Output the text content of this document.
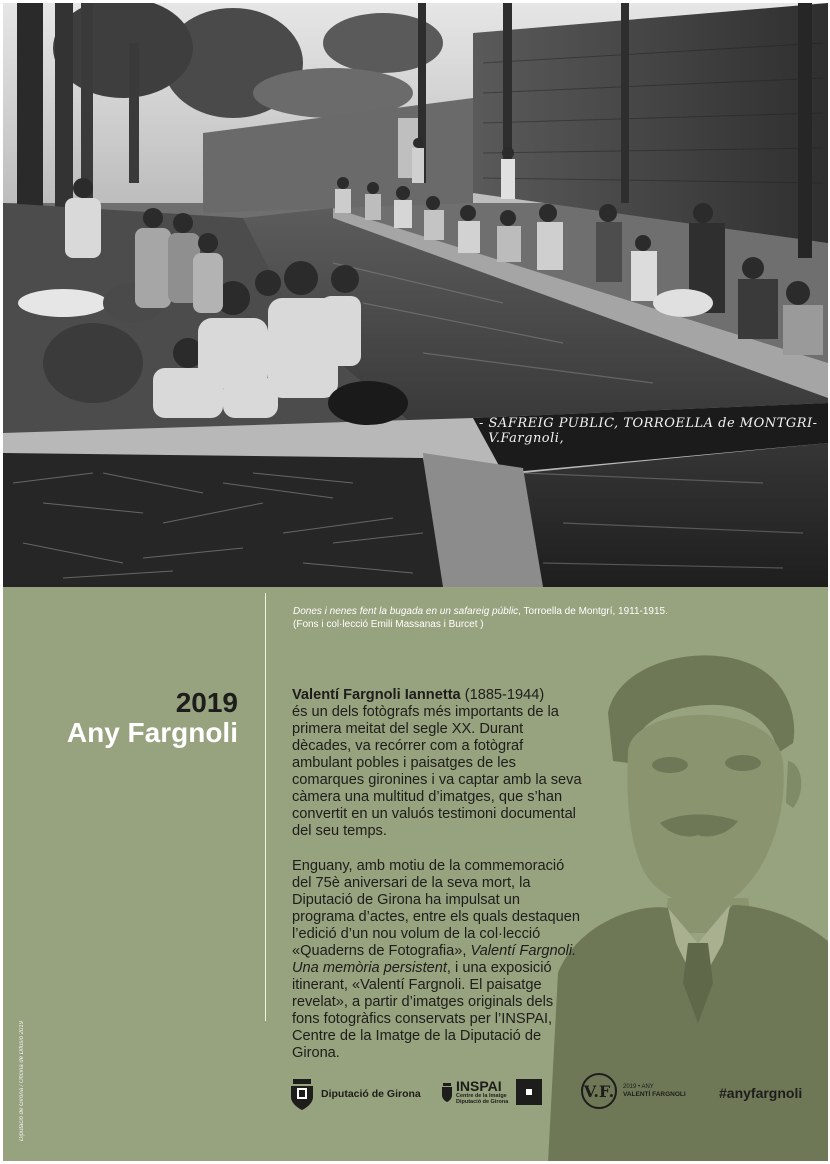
- SAFREIG PUBLIC, TORROELLA de MONTGRI-
V.Fargnoli,
Dones i nenes fent la bugada en un safareig públic, Torroella de Montgrí, 1911-1915.
(Fons i col·lecció Emili Massanas i Burcet )
2019
Any Fargnoli

Valentí Fargnoli Iannetta (1885-1944)
és un dels fotògrafs més importants de la primera meitat del segle XX. Durant dècades, va recórrer com a fotògraf ambulant pobles i paisatges de les comarques gironines i va captar amb la seva càmera una multitud d’imatges, que s’han convertit en un valuós testimoni documental del seu temps.

Enguany, amb motiu de la commemoració del 75è aniversari de la seva mort, la Diputació de Girona ha impulsat un programa d’actes, entre els quals destaquen l’edició d’un nou volum de la col·lecció «Quaderns de Fotografia», Valentí Fargnoli. Una memòria persistent, i una exposició itinerant, «Valentí Fargnoli. El paisatge revelat», a partir d’imatges originals dels fons fotogràfics conservats per l’INSPAI, Centre de la Imatge de la Diputació de Girona.

Diputació de Girona / Oficina de Difusió 2019	Diputació de Girona	INSPAI
Centre de la Imatge
Diputació de Girona
V.F.	2019 • ANY
VALENTÍ FARGNOLI #anyfargnoli
